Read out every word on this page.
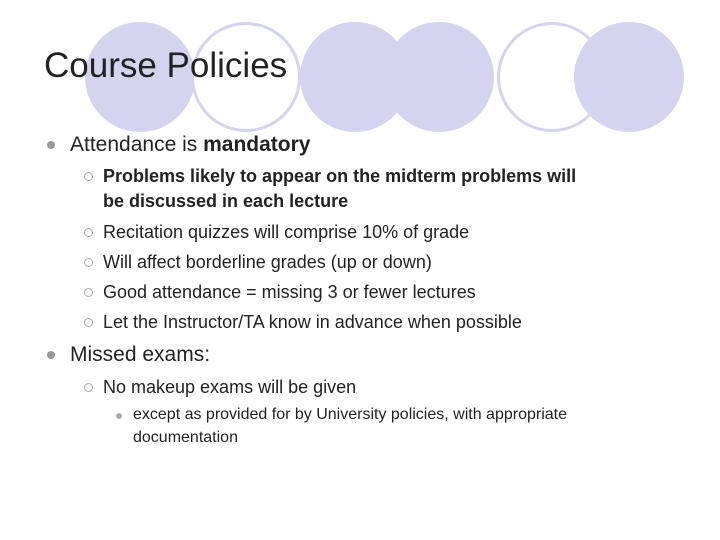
Course Policies
Attendance is mandatory
Problems likely to appear on the midterm problems will
be discussed in each lecture
Recitation quizzes will comprise 10% of grade
Will affect borderline grades (up or down)
Good attendance = missing 3 or fewer lectures
Let the Instructor/TA know in advance when possible
Missed exams:
No makeup exams will be given
except as provided for by University policies, with appropriate
documentation
